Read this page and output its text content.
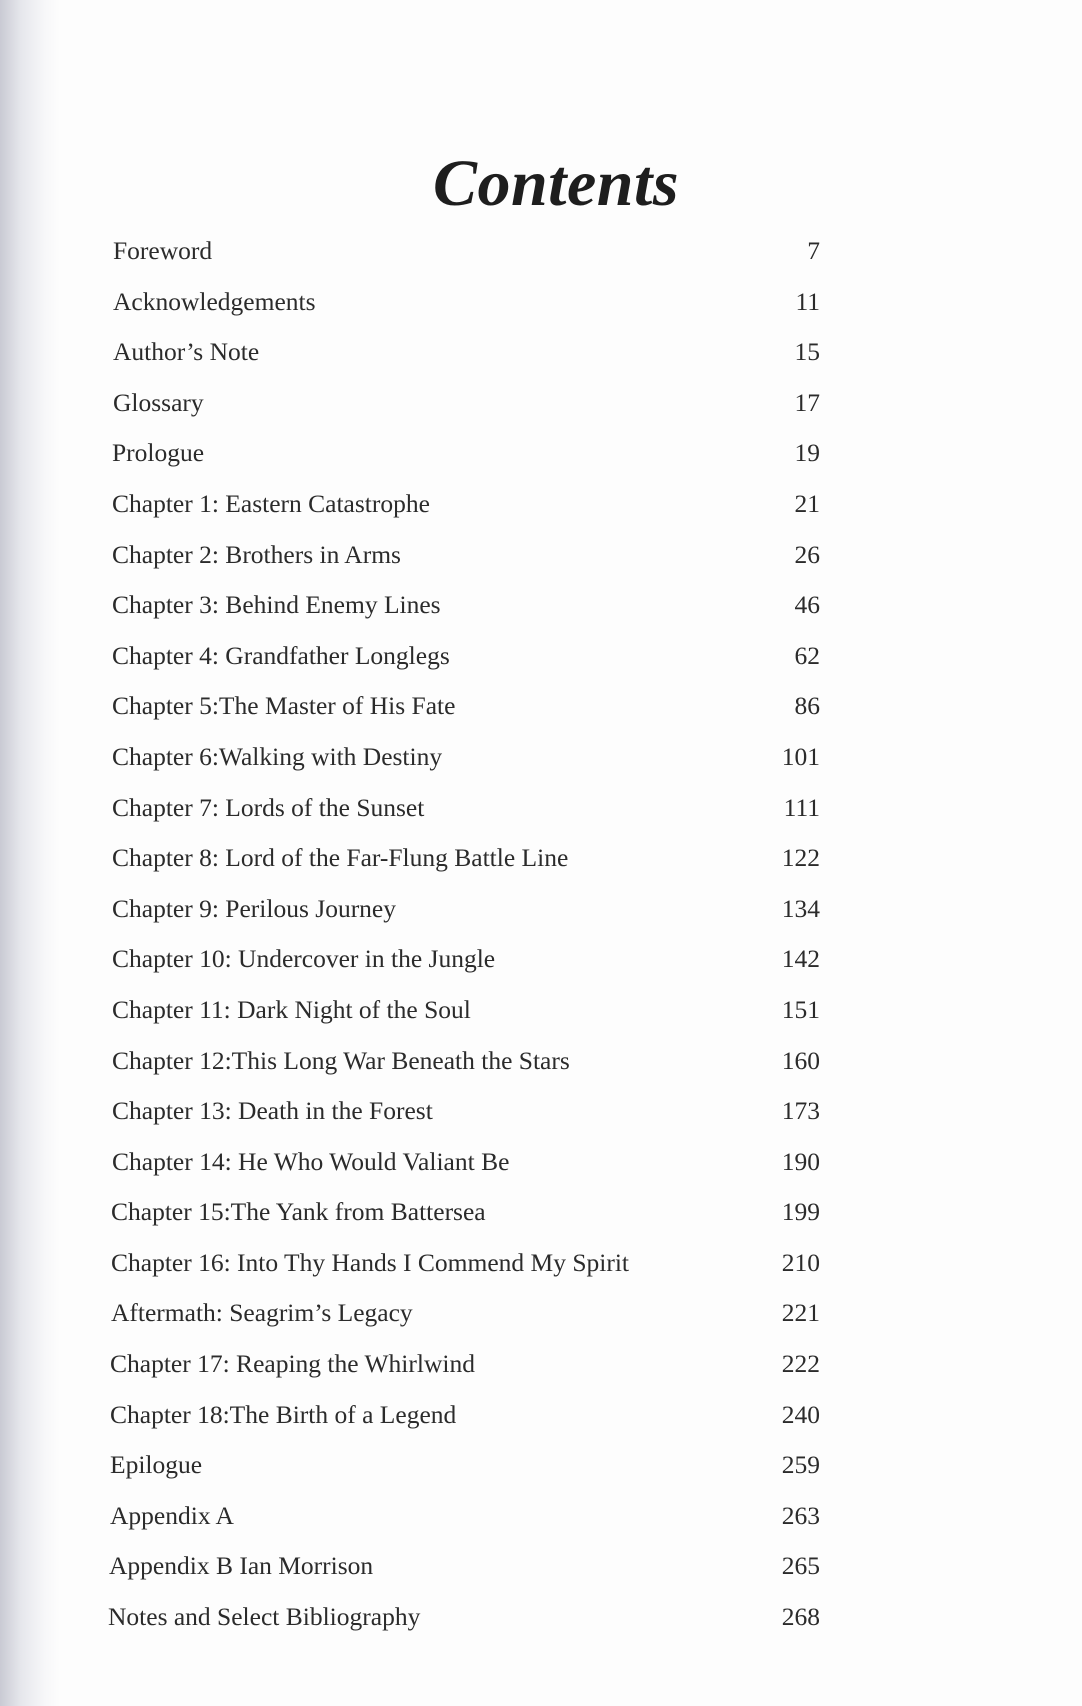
Contents
Foreword	7
Acknowledgements	11
Author’s Note	15
Glossary	17
Prologue	19
Chapter 1: Eastern Catastrophe	21
Chapter 2: Brothers in Arms	26
Chapter 3: Behind Enemy Lines	46
Chapter 4: Grandfather Longlegs	62
Chapter 5:The Master of His Fate	86
Chapter 6:Walking with Destiny	101
Chapter 7: Lords of the Sunset	111
Chapter 8: Lord of the Far-Flung Battle Line	122
Chapter 9: Perilous Journey	134
Chapter 10: Undercover in the Jungle	142
Chapter 11: Dark Night of the Soul	151
Chapter 12:This Long War Beneath the Stars	160
Chapter 13: Death in the Forest	173
Chapter 14: He Who Would Valiant Be	190
Chapter 15:The Yank from Battersea	199
Chapter 16: Into Thy Hands I Commend My Spirit	210
Aftermath: Seagrim’s Legacy	221
Chapter 17: Reaping the Whirlwind	222
Chapter 18:The Birth of a Legend	240
Epilogue	259
Appendix A	263
Appendix B Ian Morrison	265
Notes and Select Bibliography	268
